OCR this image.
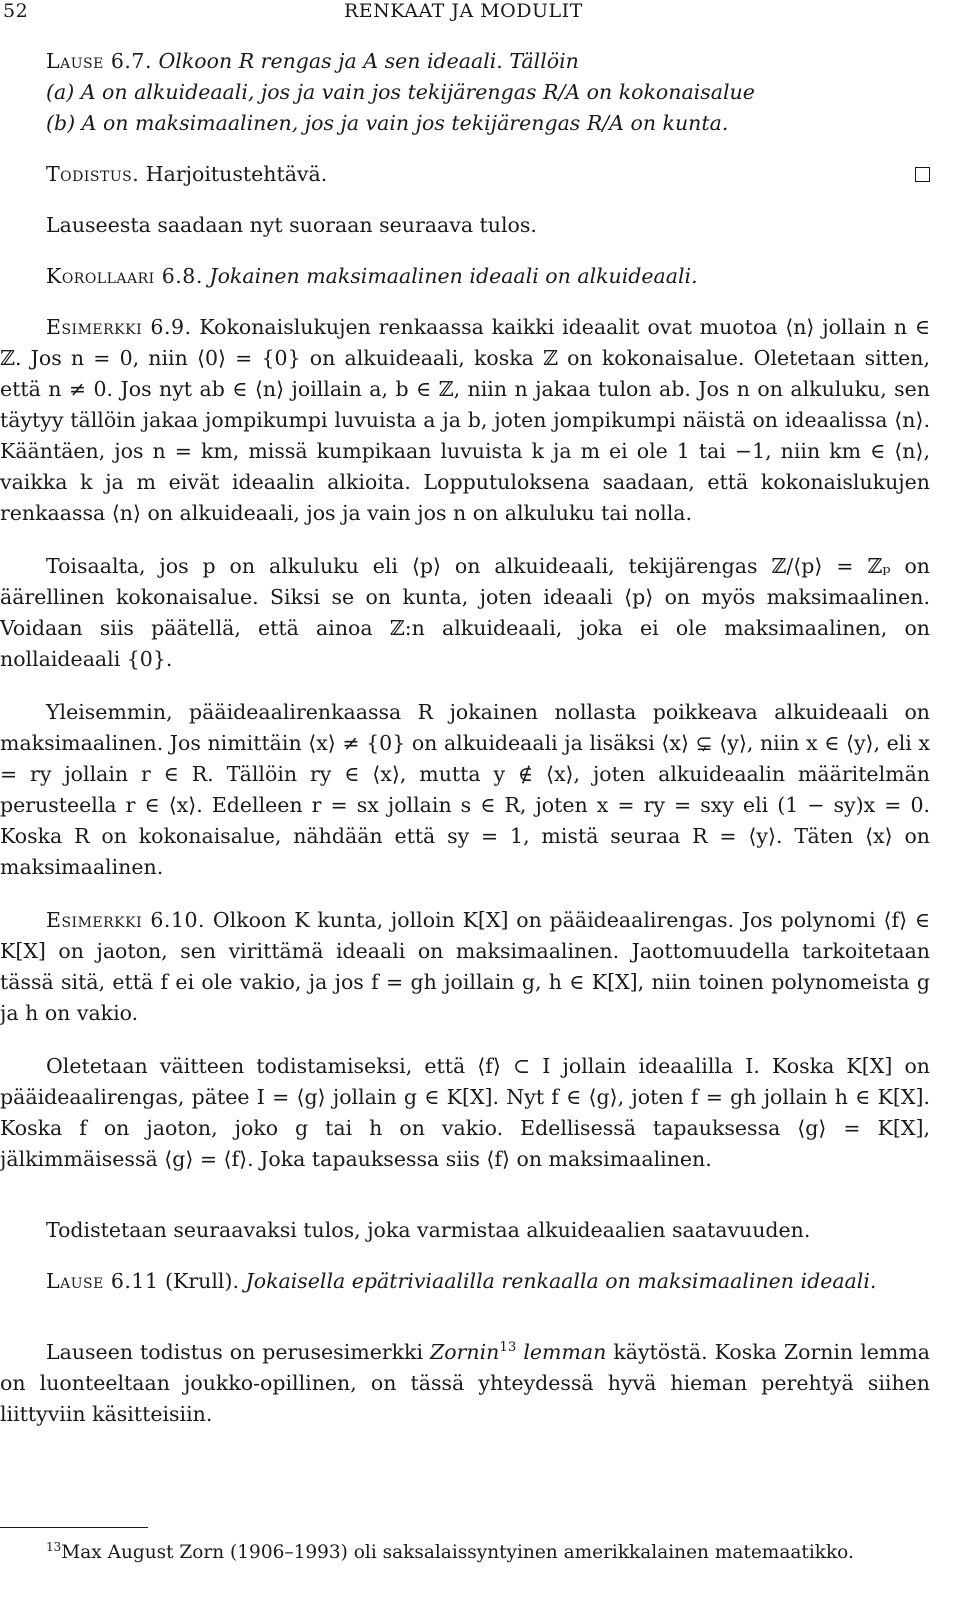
52	RENKAAT JA MODULIT

Lause 6.7. Olkoon R rengas ja A sen ideaali. Tällöin

(a) A on alkuideaali, jos ja vain jos tekijärengas R/A on kokonaisalue

(b) A on maksimaalinen, jos ja vain jos tekijärengas R/A on kunta.

Todistus. Harjoitustehtävä.

Lauseesta saadaan nyt suoraan seuraava tulos.

Korollaari 6.8. Jokainen maksimaalinen ideaali on alkuideaali.

Esimerkki 6.9. Kokonaislukujen renkaassa kaikki ideaalit ovat muotoa ⟨n⟩ jollain n ∈ ℤ. Jos n = 0, niin ⟨0⟩ = {0} on alkuideaali, koska ℤ on kokonaisalue. Oletetaan sitten, että n ≠ 0. Jos nyt ab ∈ ⟨n⟩ joillain a, b ∈ ℤ, niin n jakaa tulon ab. Jos n on alkuluku, sen täytyy tällöin jakaa jompikumpi luvuista a ja b, joten jompikumpi näistä on ideaalissa ⟨n⟩. Kääntäen, jos n = km, missä kumpikaan luvuista k ja m ei ole 1 tai −1, niin km ∈ ⟨n⟩, vaikka k ja m eivät ideaalin alkioita. Lopputuloksena saadaan, että kokonaislukujen renkaassa ⟨n⟩ on alkuideaali, jos ja vain jos n on alkuluku tai nolla.

Toisaalta, jos p on alkuluku eli ⟨p⟩ on alkuideaali, tekijärengas ℤ/⟨p⟩ = ℤₚ on äärellinen kokonaisalue. Siksi se on kunta, joten ideaali ⟨p⟩ on myös maksimaalinen. Voidaan siis päätellä, että ainoa ℤ:n alkuideaali, joka ei ole maksimaalinen, on nollaideaali {0}.

Yleisemmin, pääideaalirenkaassa R jokainen nollasta poikkeava alkuideaali on maksimaalinen. Jos nimittäin ⟨x⟩ ≠ {0} on alkuideaali ja lisäksi ⟨x⟩ ⊊ ⟨y⟩, niin x ∈ ⟨y⟩, eli x = ry jollain r ∈ R. Tällöin ry ∈ ⟨x⟩, mutta y ∉ ⟨x⟩, joten alkuideaalin määritelmän perusteella r ∈ ⟨x⟩. Edelleen r = sx jollain s ∈ R, joten x = ry = sxy eli (1 − sy)x = 0. Koska R on kokonaisalue, nähdään että sy = 1, mistä seuraa R = ⟨y⟩. Täten ⟨x⟩ on maksimaalinen.

Esimerkki 6.10. Olkoon K kunta, jolloin K[X] on pääideaalirengas. Jos polynomi ⟨f⟩ ∈ K[X] on jaoton, sen virittämä ideaali on maksimaalinen. Jaottomuudella tarkoitetaan tässä sitä, että f ei ole vakio, ja jos f = gh joillain g, h ∈ K[X], niin toinen polynomeista g ja h on vakio.

Oletetaan väitteen todistamiseksi, että ⟨f⟩ ⊂ I jollain ideaalilla I. Koska K[X] on pääideaalirengas, pätee I = ⟨g⟩ jollain g ∈ K[X]. Nyt f ∈ ⟨g⟩, joten f = gh jollain h ∈ K[X]. Koska f on jaoton, joko g tai h on vakio. Edellisessä tapauksessa ⟨g⟩ = K[X], jälkimmäisessä ⟨g⟩ = ⟨f⟩. Joka tapauksessa siis ⟨f⟩ on maksimaalinen.

Todistetaan seuraavaksi tulos, joka varmistaa alkuideaalien saatavuuden.

Lause 6.11 (Krull). Jokaisella epätriviaalilla renkaalla on maksimaalinen ideaali.

Lauseen todistus on perusesimerkki Zornin$^{13}$ lemman käytöstä. Koska Zornin lemma on luonteeltaan joukko-opillinen, on tässä yhteydessä hyvä hieman perehtyä siihen liittyviin käsitteisiin.

$^{13}$Max August Zorn (1906–1993) oli saksalaissyntyinen amerikkalainen matemaatikko.
